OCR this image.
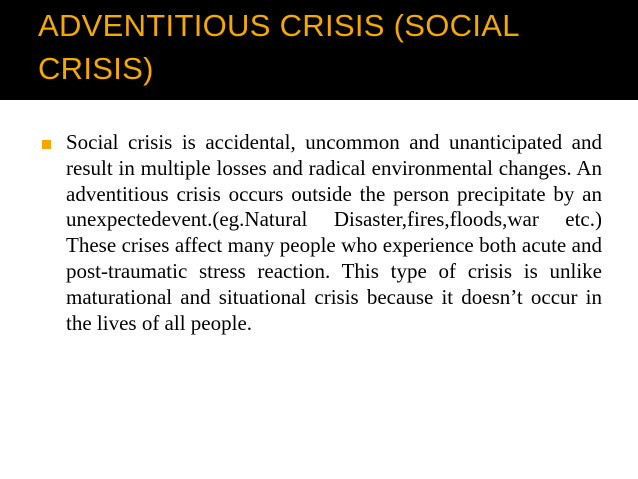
ADVENTITIOUS CRISIS (SOCIAL
CRISIS)

Social crisis is accidental, uncommon and unanticipated and result in multiple losses and radical environmental changes. An adventitious crisis occurs outside the person precipitate by an unexpectedevent.(eg.Natural Disaster,fires,floods,war etc.) These crises affect many people who experience both acute and post-traumatic stress reaction. This type of crisis is unlike maturational and situational crisis because it doesn’t occur in the lives of all people.
